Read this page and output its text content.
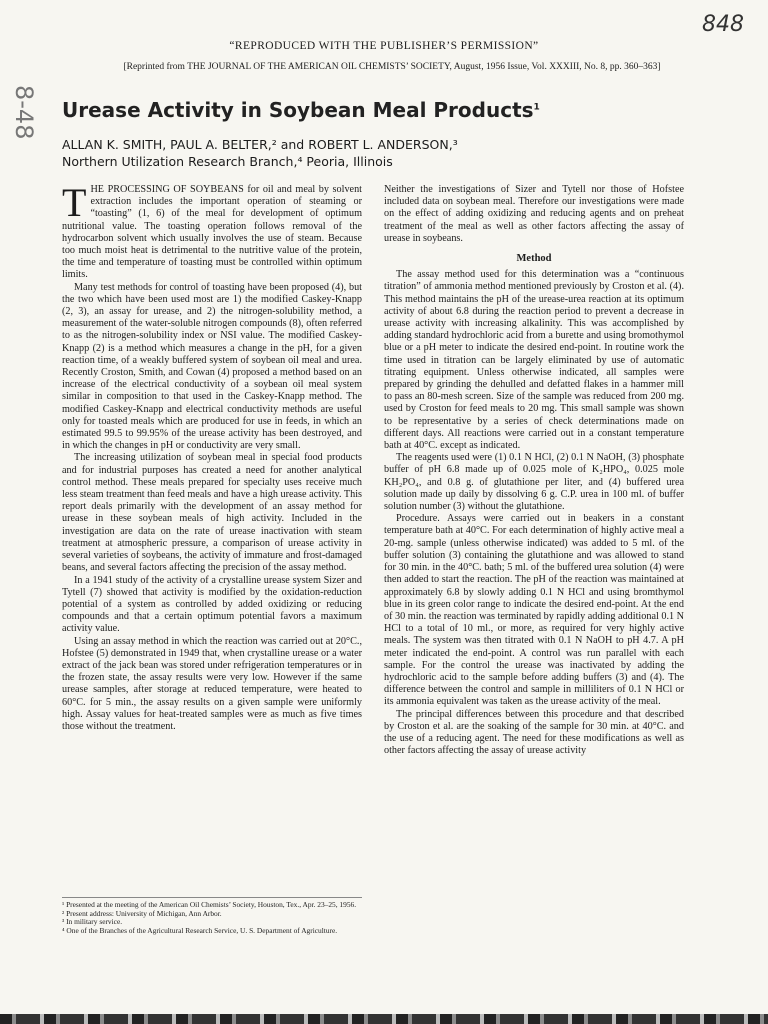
848
8-48
“REPRODUCED WITH THE PUBLISHER’S PERMISSION”
[Reprinted from THE JOURNAL OF THE AMERICAN OIL CHEMISTS’ SOCIETY, August, 1956 Issue, Vol. XXXIII, No. 8, pp. 360–363]
Urease Activity in Soybean Meal Products$^1$
ALLAN K. SMITH, PAUL A. BELTER,² and ROBERT L. ANDERSON,³
Northern Utilization Research Branch,⁴ Peoria, Illinois

THE PROCESSING OF SOYBEANS for oil and meal by solvent extraction includes the important operation of steaming or “toasting” (1, 6) of the meal for development of optimum nutritional value. The toasting operation follows removal of the hydrocarbon solvent which usually involves the use of steam. Because too much moist heat is detrimental to the nutritive value of the protein, the time and temperature of toasting must be controlled within optimum limits.

Many test methods for control of toasting have been proposed (4), but the two which have been used most are 1) the modified Caskey-Knapp (2, 3), an assay for urease, and 2) the nitrogen-solubility method, a measurement of the water-soluble nitrogen compounds (8), often referred to as the nitrogen-solubility index or NSI value. The modified Caskey-Knapp (2) is a method which measures a change in the pH, for a given reaction time, of a weakly buffered system of soybean oil meal and urea. Recently Croston, Smith, and Cowan (4) proposed a method based on an increase of the electrical conductivity of a soybean oil meal system similar in composition to that used in the Caskey-Knapp method. The modified Caskey-Knapp and electrical conductivity methods are useful only for toasted meals which are produced for use in feeds, in which an estimated 99.5 to 99.95% of the urease activity has been destroyed, and in which the changes in pH or conductivity are very small.

The increasing utilization of soybean meal in special food products and for industrial purposes has created a need for another analytical control method. These meals prepared for specialty uses receive much less steam treatment than feed meals and have a high urease activity. This report deals primarily with the development of an assay method for urease in these soybean meals of high activity. Included in the investigation are data on the rate of urease inactivation with steam treatment at atmospheric pressure, a comparison of urease activity in several varieties of soybeans, the activity of immature and frost-damaged beans, and several factors affecting the precision of the assay method.

In a 1941 study of the activity of a crystalline urease system Sizer and Tytell (7) showed that activity is modified by the oxidation-reduction potential of a system as controlled by added oxidizing or reducing compounds and that a certain optimum potential favors a maximum activity value.

Using an assay method in which the reaction was carried out at 20°C., Hofstee (5) demonstrated in 1949 that, when crystalline urease or a water extract of the jack bean was stored under refrigeration temperatures or in the frozen state, the assay results were very low. However if the same urease samples, after storage at reduced temperature, were heated to 60°C. for 5 min., the assay results on a given sample were uniformly high. Assay values for heat-treated samples were as much as five times those without the treatment.

¹ Presented at the meeting of the American Oil Chemists’ Society, Houston, Tex., Apr. 23–25, 1956.
² Present address: University of Michigan, Ann Arbor.
³ In military service.
⁴ One of the Branches of the Agricultural Research Service, U. S. Department of Agriculture.

Neither the investigations of Sizer and Tytell nor those of Hofstee included data on soybean meal. Therefore our investigations were made on the effect of adding oxidizing and reducing agents and on preheat treatment of the meal as well as other factors affecting the assay of urease in soybeans.

Method

The assay method used for this determination was a “continuous titration” of ammonia method mentioned previously by Croston et al. (4). This method maintains the pH of the urease-urea reaction at its optimum activity of about 6.8 during the reaction period to prevent a decrease in urease activity with increasing alkalinity. This was accomplished by adding standard hydrochloric acid from a burette and using bromothymol blue or a pH meter to indicate the desired end-point. In routine work the time used in titration can be largely eliminated by use of automatic titrating equipment. Unless otherwise indicated, all samples were prepared by grinding the dehulled and defatted flakes in a hammer mill to pass an 80-mesh screen. Size of the sample was reduced from 200 mg. used by Croston for feed meals to 20 mg. This small sample was shown to be representative by a series of check determinations made on different days. All reactions were carried out in a constant temperature bath at 40°C. except as indicated.

The reagents used were (1) 0.1 N HCl, (2) 0.1 N NaOH, (3) phosphate buffer of pH 6.8 made up of 0.025 mole of K₂HPO₄, 0.025 mole KH₂PO₄, and 0.8 g. of glutathione per liter, and (4) buffered urea solution made up daily by dissolving 6 g. C.P. urea in 100 ml. of buffer solution number (3) without the glutathione.

Procedure. Assays were carried out in beakers in a constant temperature bath at 40°C. For each determination of highly active meal a 20-mg. sample (unless otherwise indicated) was added to 5 ml. of the buffer solution (3) containing the glutathione and was allowed to stand for 30 min. in the 40°C. bath; 5 ml. of the buffered urea solution (4) were then added to start the reaction. The pH of the reaction was maintained at approximately 6.8 by slowly adding 0.1 N HCl and using bromthymol blue in its green color range to indicate the desired end-point. At the end of 30 min. the reaction was terminated by rapidly adding additional 0.1 N HCl to a total of 10 ml., or more, as required for very highly active meals. The system was then titrated with 0.1 N NaOH to pH 4.7. A pH meter indicated the end-point. A control was run parallel with each sample. For the control the urease was inactivated by adding the hydrochloric acid to the sample before adding buffers (3) and (4). The difference between the control and sample in milliliters of 0.1 N HCl or its ammonia equivalent was taken as the urease activity of the meal.

The principal differences between this procedure and that described by Croston et al. are the soaking of the sample for 30 min. at 40°C. and the use of a reducing agent. The need for these modifications as well as other factors affecting the assay of urease activity
